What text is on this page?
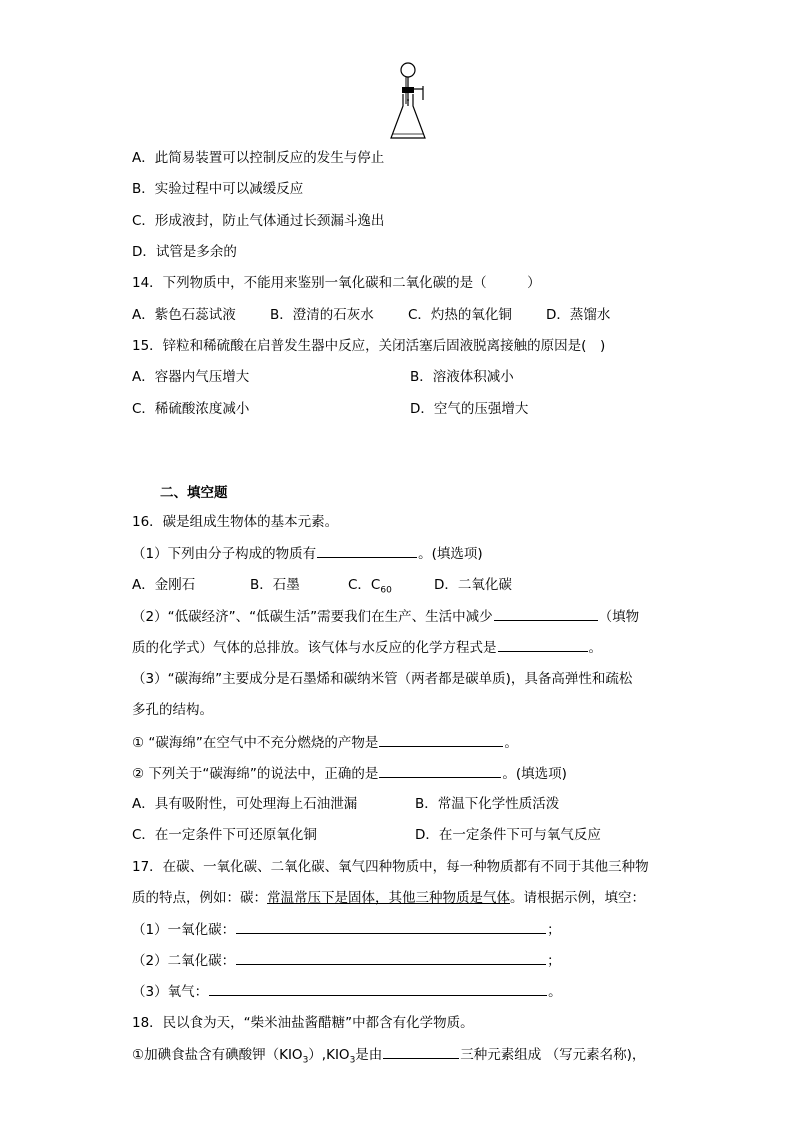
A．此简易装置可以控制反应的发生与停止
B．实验过程中可以减缓反应
C．形成液封，防止气体通过长颈漏斗逸出
D．试管是多余的
14．下列物质中，不能用来鉴别一氧化碳和二氧化碳的是（　　　）
A．紫色石蕊试液	B．澄清的石灰水	C．灼热的氧化铜	D．蒸馏水
15．锌粒和稀硫酸在启普发生器中反应，关闭活塞后固液脱离接触的原因是(　)
A．容器内气压增大	B．溶液体积减小
C．稀硫酸浓度减小	D．空气的压强增大
二、填空题
16．碳是组成生物体的基本元素。
（1）下列由分子构成的物质有	。(填选项)
A．金刚石	B．石墨	C．$C_{60}$	D．二氧化碳
（2）“低碳经济”、“低碳生活”需要我们在生产、生活中减少	（填物
质的化学式）气体的总排放。该气体与水反应的化学方程式是	。
（3）“碳海绵”主要成分是石墨烯和碳纳米管（两者都是碳单质)，具备高弹性和疏松
多孔的结构。
① “碳海绵”在空气中不充分燃烧的产物是	。
② 下列关于“碳海绵”的说法中，正确的是	。(填选项)
A．具有吸附性，可处理海上石油泄漏	B．常温下化学性质活泼
C．在一定条件下可还原氧化铜	D．在一定条件下可与氧气反应
17．在碳、一氧化碳、二氧化碳、氧气四种物质中，每一种物质都有不同于其他三种物
质的特点，例如：碳：常温常压下是固体，其他三种物质是气体。请根据示例，填空：
（1）一氧化碳：	；
（2）二氧化碳：	；
（3）氧气：	。
18．民以食为天，“柴米油盐酱醋糖”中都含有化学物质。
①加碘食盐含有碘酸钾$(KIO_3),KIO_3$是由	三种元素组成 （写元素名称)，
